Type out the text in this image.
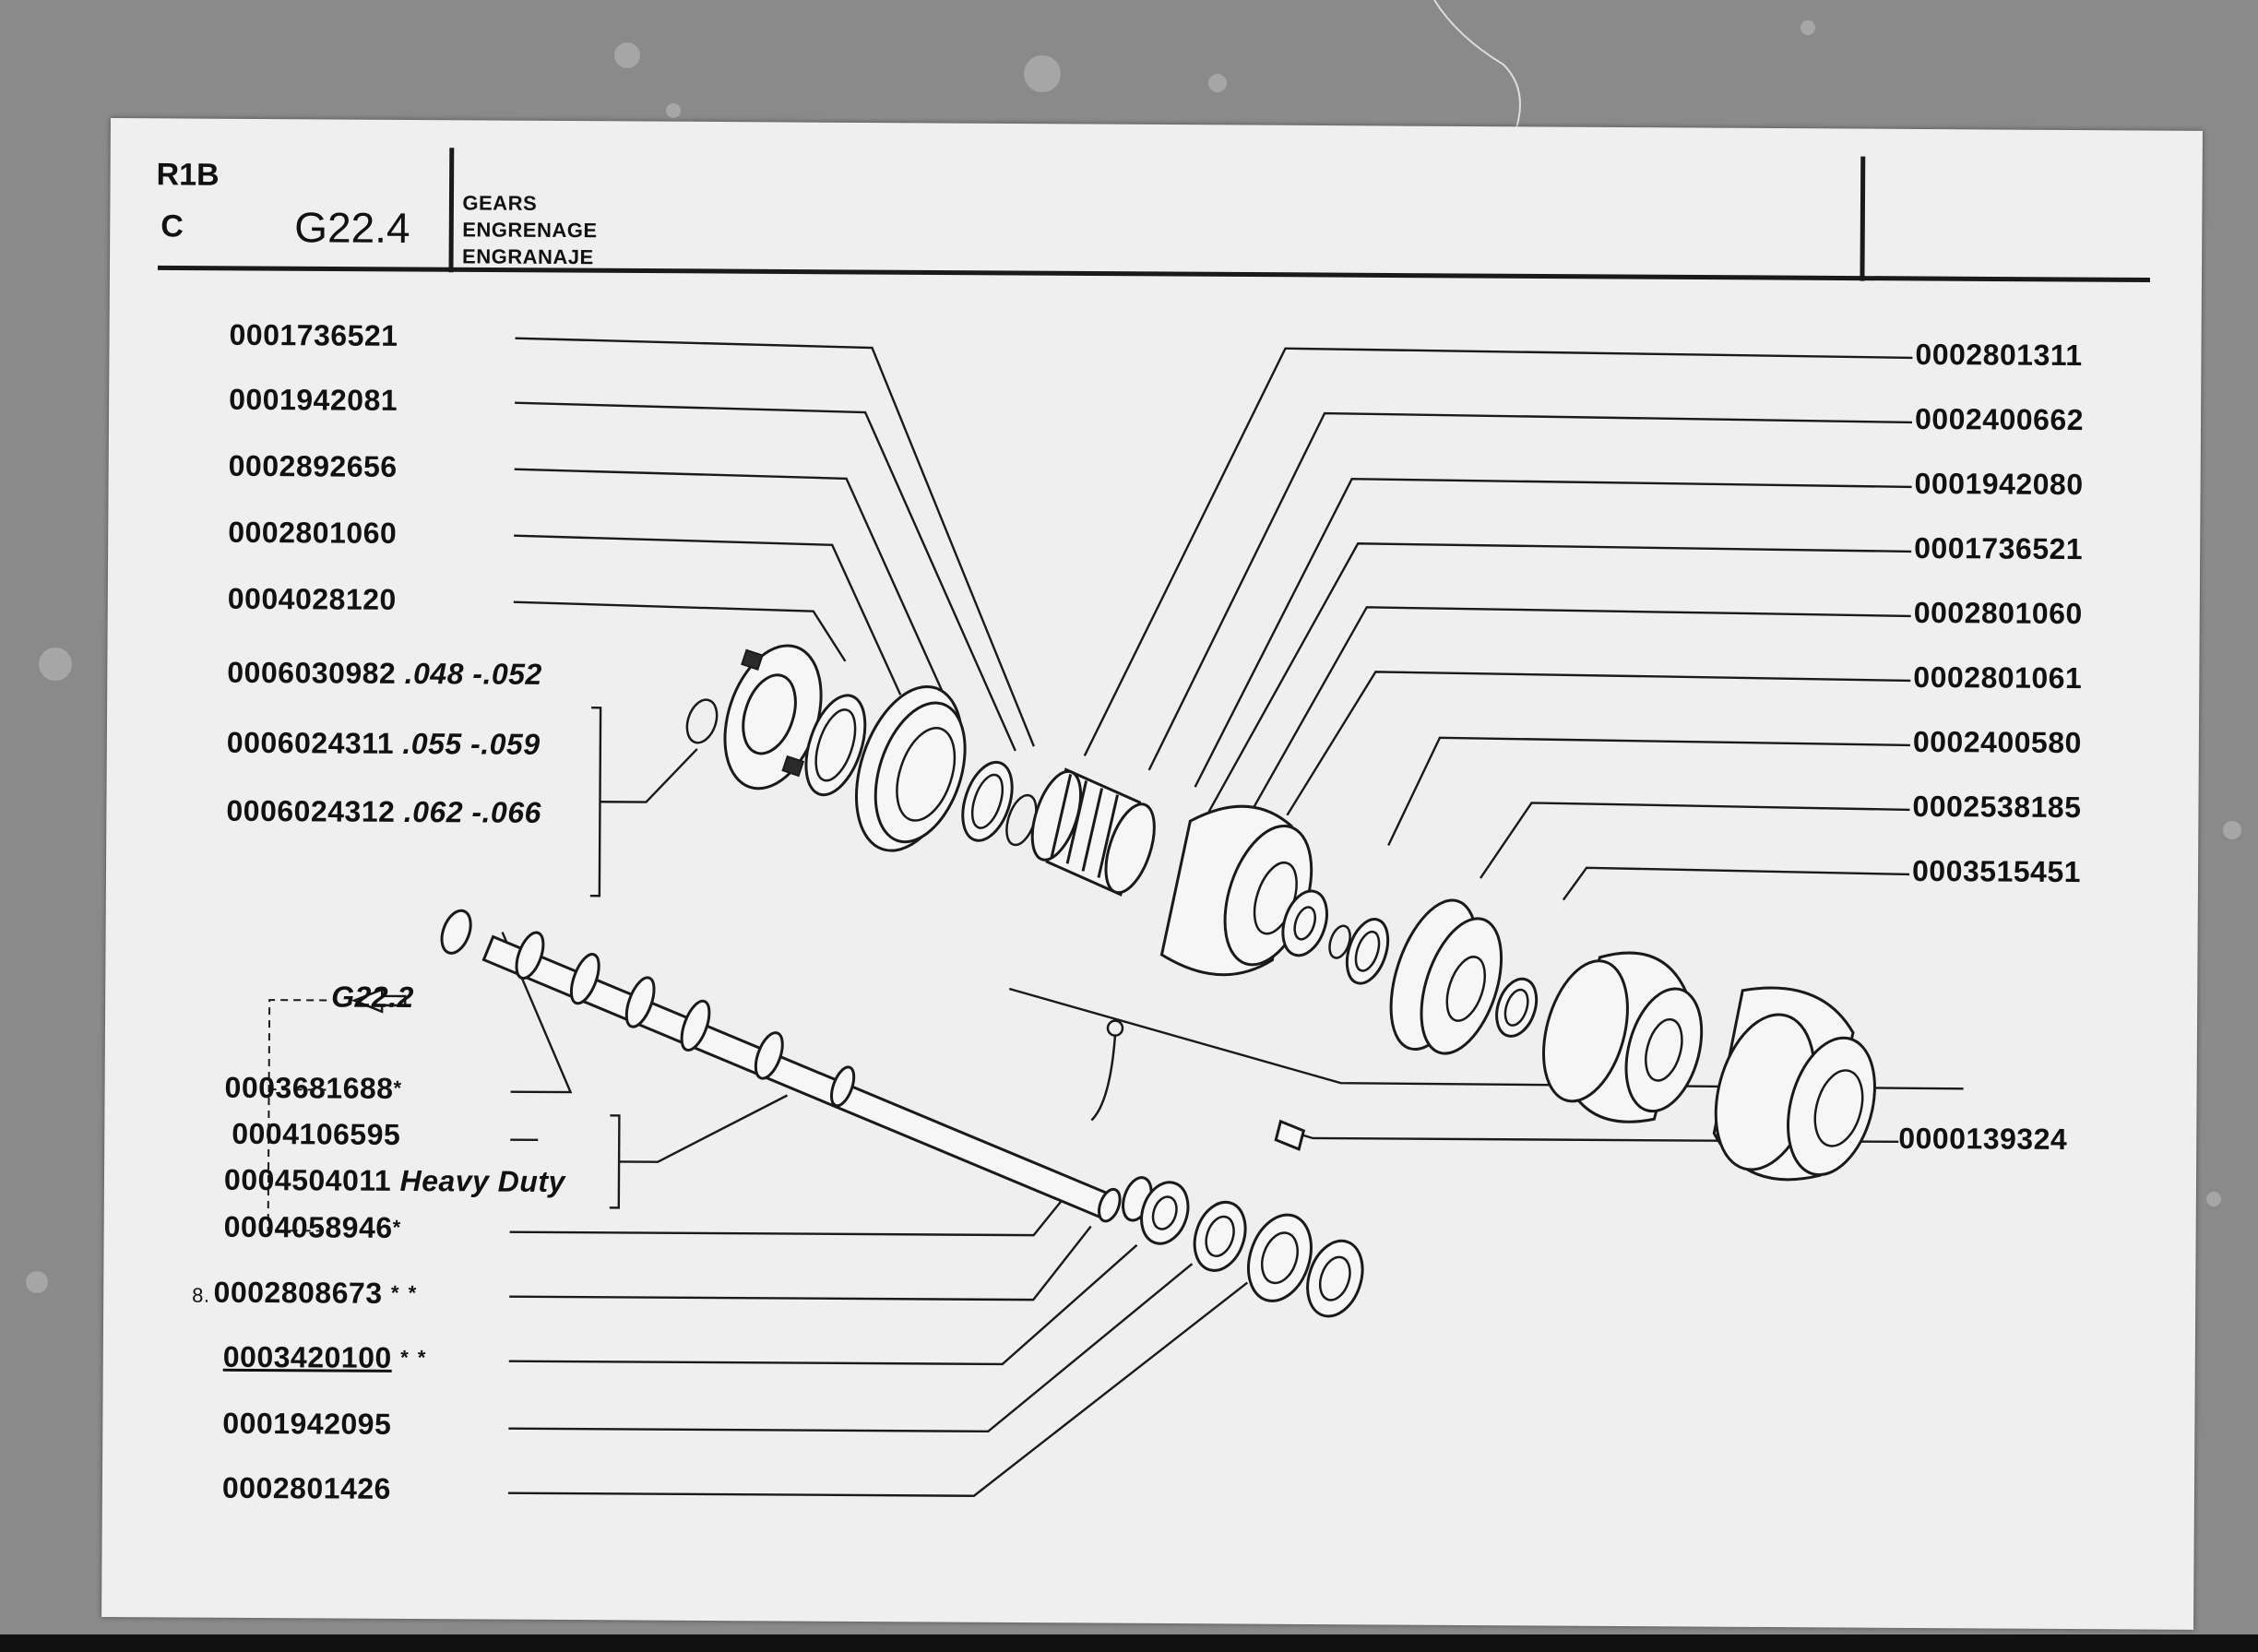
R1B
C	G22.4
GEARS
ENGRENAGE
ENGRANAJE
0001736521
0001942081
0002892656
0002801060
0004028120
0006030982 .048 -.052
0006024311 .055 -.059
0006024312 .062 -.066
G22.2
0003681688*
0004106595
0004504011 Heavy Duty
0004058946*
8. 0002808673 * *
0003420100 * *
0001942095
0002801426
0002801311
0002400662
0001942080
0001736521
0002801060
0002801061
0002400580
0002538185
0003515451
0000139324
